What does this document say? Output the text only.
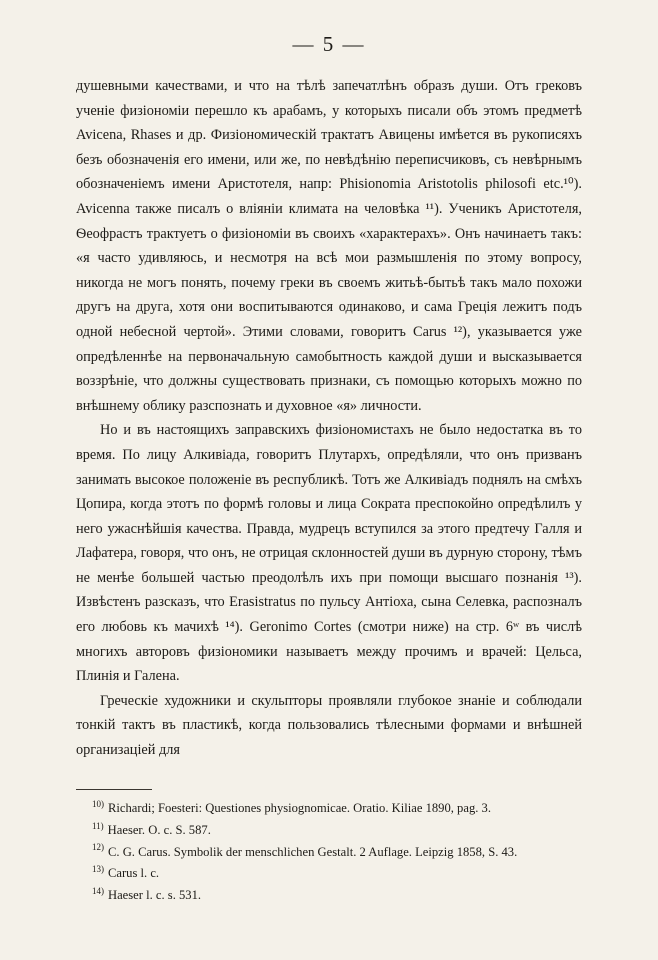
— 5 —

душевными качествами, и что на тѣлѣ запечатлѣнъ образъ души. Отъ грековъ ученіе физіономіи перешло къ арабамъ, у которыхъ писали объ этомъ предметѣ Avicena, Rhases и др. Физіономическій трактатъ Авицены имѣется въ рукописяхъ безъ обозначенія его имени, или же, по невѣдѣнію переписчиковъ, съ невѣрнымъ обозначеніемъ имени Аристотеля, напр: Phisionomia Aristotolis philosofi etc.¹⁰). Avicenna также писалъ о вліяніи климата на человѣка ¹¹). Ученикъ Аристотеля, Ѳеофрастъ трактуетъ о физіономіи въ своихъ «характерахъ». Онъ начинаетъ такъ: «я часто удивляюсь, и несмотря на всѣ мои размышленія по этому вопросу, никогда не могъ понять, почему греки въ своемъ житьѣ-бытьѣ такъ мало похожи другъ на друга, хотя они воспитываются одинаково, и сама Грецiя лежитъ подъ одной небесной чертой». Этими словами, говоритъ Carus ¹²), указывается уже опредѣленнѣе на первоначальную самобытность каждой души и высказывается воззрѣніе, что должны существовать признаки, съ помощью которыхъ можно по внѣшнему облику разспознать и духовное «я» личности.

Но и въ настоящихъ заправскихъ физіономистахъ не было недостатка въ то время. По лицу Алкивіада, говоритъ Плутархъ, опредѣляли, что онъ призванъ занимать высокое положеніе въ республикѣ. Тотъ же Алкивіадъ поднялъ на смѣхъ Цопира, когда этотъ по формѣ головы и лица Сократа преспокойно опредѣлилъ у него ужаснѣйшія качества. Правда, мудрецъ вступился за этого предтечу Галля и Лафатера, говоря, что онъ, не отрицая склонностей души въ дурную сторону, тѣмъ не менѣе большей частью преодолѣлъ ихъ при помощи высшаго познанія ¹³). Извѣстенъ разсказъ, что Erasistratus по пульсу Антіоха, сына Селевка, распозналъ его любовь къ мачихѣ ¹⁴). Geronimo Cortes (смотри ниже) на стр. 6ʷ въ числѣ многихъ авторовъ физіономики называетъ между прочимъ и врачей: Цельса, Плинія и Галена.

Греческіе художники и скульпторы проявляли глубокое знаніе и соблюдали тонкій тактъ въ пластикѣ, когда пользовались тѣлесными формами и внѣшней организаціей для

$^{10)}$ Richardi; Foesteri: Questiones physiognomicae. Oratio. Kiliae 1890, pag. 3.

$^{11)}$ Haeser. O. c. S. 587.

$^{12)}$ C. G. Carus. Symbolik der menschlichen Gestalt. 2 Auflage. Leipzig 1858, S. 43.

$^{13)}$ Carus l. c.

$^{14)}$ Haeser l. c. s. 531.
